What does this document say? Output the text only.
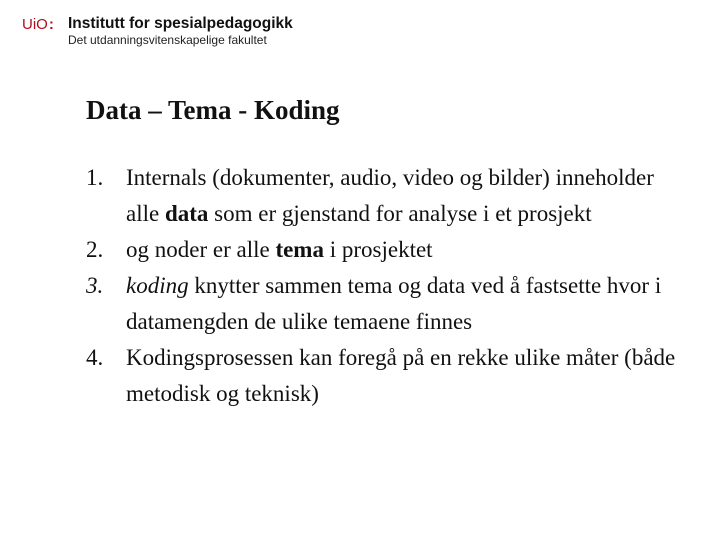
UiO: Institutt for spesialpedagogikk
Det utdanningsvitenskapelige fakultet
Data – Tema - Koding
1. Internals (dokumenter, audio, video og bilder) inneholder alle data som er gjenstand for analyse i et prosjekt
2. og noder er alle tema i prosjektet
3. koding knytter sammen tema og data ved å fastsette hvor i datamengden de ulike temaene finnes
4. Kodingsprosessen kan foregå på en rekke ulike måter (både metodisk og teknisk)
